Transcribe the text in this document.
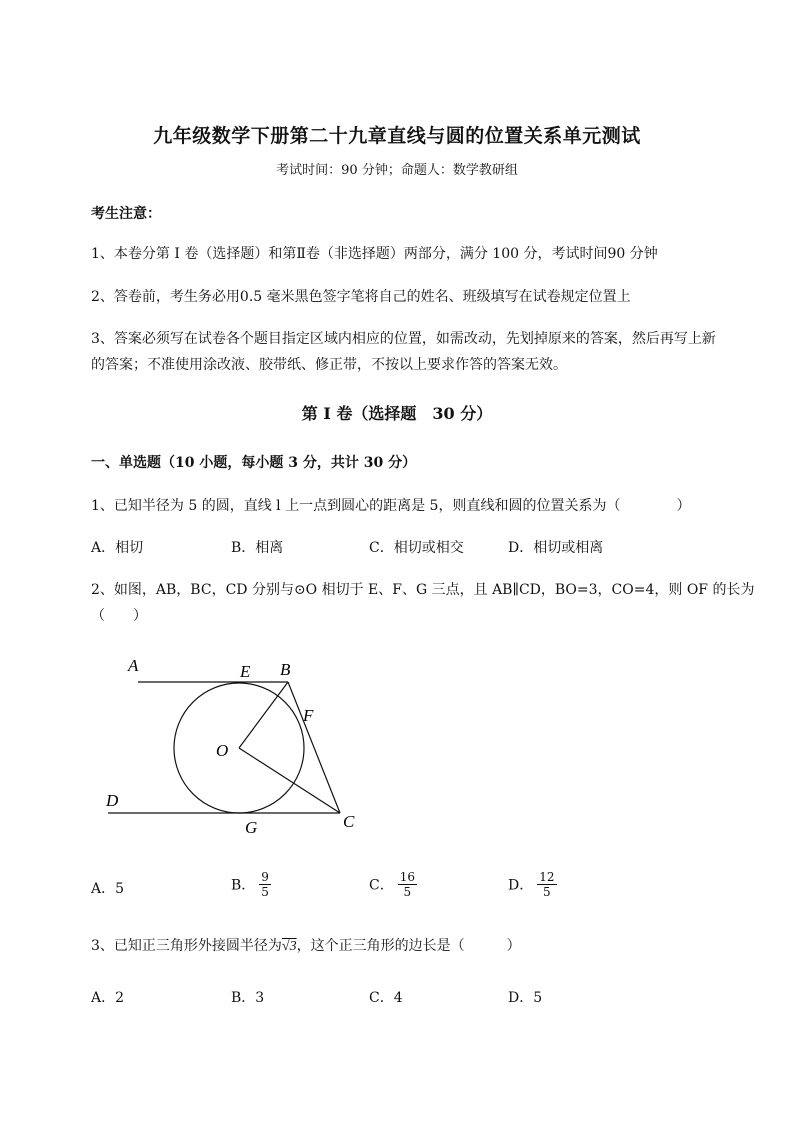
九年级数学下册第二十九章直线与圆的位置关系单元测试
考试时间：90 分钟；命题人：数学教研组
考生注意：
1、本卷分第 I 卷（选择题）和第Ⅱ卷（非选择题）两部分，满分 100 分，考试时间90 分钟
2、答卷前，考生务必用0.5 毫米黑色签字笔将自己的姓名、班级填写在试卷规定位置上
3、答案必须写在试卷各个题目指定区域内相应的位置，如需改动，先划掉原来的答案，然后再写上新
的答案；不准使用涂改液、胶带纸、修正带，不按以上要求作答的答案无效。
第 I 卷（选择题　30 分）
一、单选题（10 小题，每小题 3 分，共计 30 分）
1、已知半径为 5 的圆，直线 l 上一点到圆心的距离是 5，则直线和圆的位置关系为（　　　　）
A．相切	B．相离	C．相切或相交	D．相切或相离
2、如图，AB，BC，CD 分别与⊙O 相切于 E、F、G 三点，且 AB∥CD，BO=3，CO=4，则 OF 的长为
（　　）
A	E B
F
O
D
G	C
A．5	B． $\frac{9}{5}$	C． $\frac{16}{5}$	D． $\frac{12}{5}$
3、已知正三角形外接圆半径为√3，这个正三角形的边长是（　　　）
A．2	B．3	C．4	D．5
